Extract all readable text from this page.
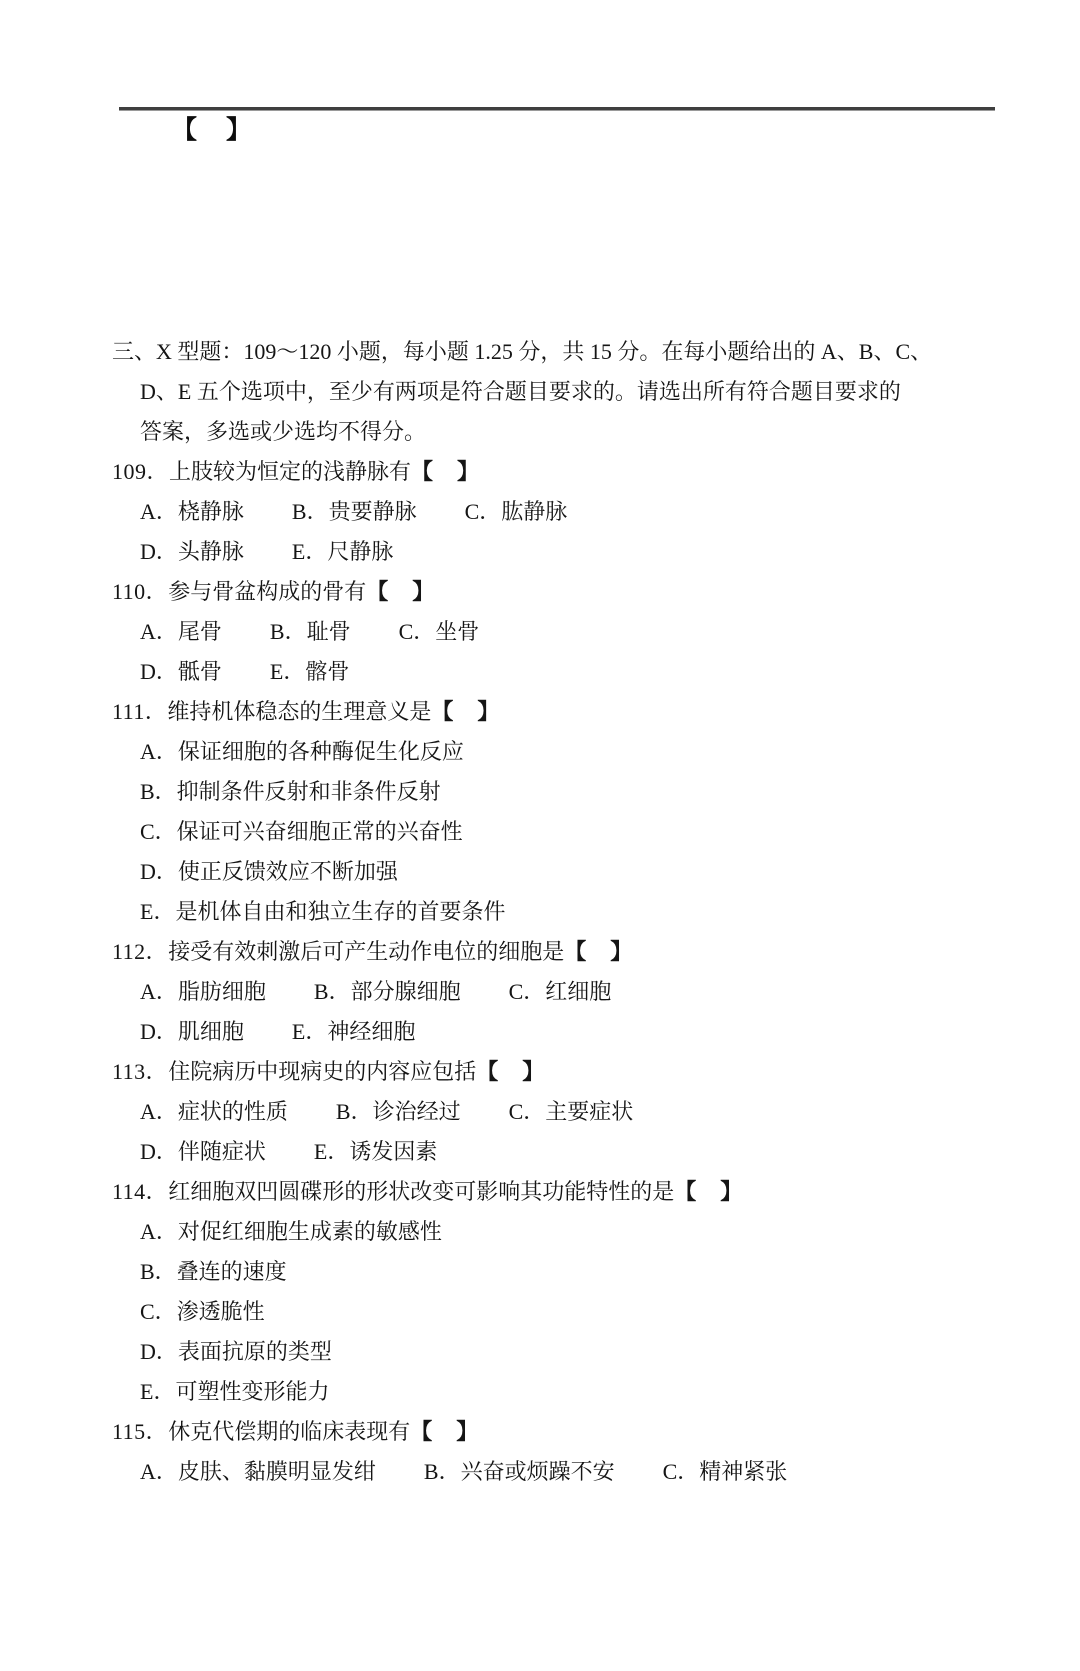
【　】
三、X 型题：109～120 小题，每小题 1.25 分，共 15 分。在每小题给出的 A、B、C、
D、E 五个选项中，至少有两项是符合题目要求的。请选出所有符合题目要求的
答案，多选或少选均不得分。
109．上肢较为恒定的浅静脉有【　】
A．桡静脉 B．贵要静脉 C．肱静脉
D．头静脉 E．尺静脉
110．参与骨盆构成的骨有【　】
A．尾骨 B．耻骨 C．坐骨
D．骶骨 E．髂骨
111．维持机体稳态的生理意义是【　】
A．保证细胞的各种酶促生化反应
B．抑制条件反射和非条件反射
C．保证可兴奋细胞正常的兴奋性
D．使正反馈效应不断加强
E．是机体自由和独立生存的首要条件
112．接受有效刺激后可产生动作电位的细胞是【　】
A．脂肪细胞 B．部分腺细胞 C．红细胞
D．肌细胞 E．神经细胞
113．住院病历中现病史的内容应包括【　】
A．症状的性质 B．诊治经过 C．主要症状
D．伴随症状 E．诱发因素
114．红细胞双凹圆碟形的形状改变可影响其功能特性的是【　】
A．对促红细胞生成素的敏感性
B．叠连的速度
C．渗透脆性
D．表面抗原的类型
E．可塑性变形能力
115．休克代偿期的临床表现有【　】
A．皮肤、黏膜明显发绀 B．兴奋或烦躁不安 C．精神紧张
